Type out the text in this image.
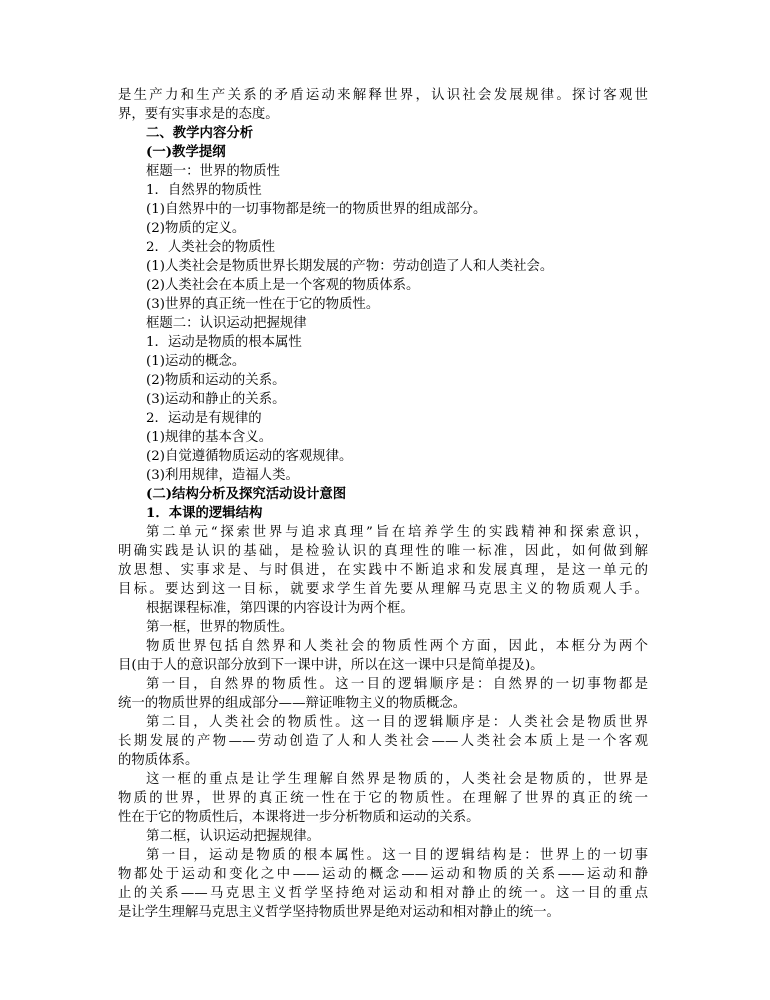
是生产力和生产关系的矛盾运动来解释世界，认识社会发展规律。探讨客观世
界，要有实事求是的态度。
二、教学内容分析
(一)教学提纲
框题一：世界的物质性
1．自然界的物质性
(1)自然界中的一切事物都是统一的物质世界的组成部分。
(2)物质的定义。
2．人类社会的物质性
(1)人类社会是物质世界长期发展的产物：劳动创造了人和人类社会。
(2)人类社会在本质上是一个客观的物质体系。
(3)世界的真正统一性在于它的物质性。
框题二：认识运动把握规律
1．运动是物质的根本属性
(1)运动的概念。
(2)物质和运动的关系。
(3)运动和静止的关系。
2．运动是有规律的
(1)规律的基本含义。
(2)自觉遵循物质运动的客观规律。
(3)利用规律，造福人类。
(二)结构分析及探究活动设计意图
1．本课的逻辑结构
第二单元“探索世界与追求真理”旨在培养学生的实践精神和探索意识，
明确实践是认识的基础，是检验认识的真理性的唯一标准，因此，如何做到解
放思想、实事求是、与时俱进，在实践中不断追求和发展真理，是这一单元的
目标。要达到这一目标，就要求学生首先要从理解马克思主义的物质观人手。
根据课程标准，第四课的内容设计为两个框。
第一框，世界的物质性。
物质世界包括自然界和人类社会的物质性两个方面，因此，本框分为两个
目(由于人的意识部分放到下一课中讲，所以在这一课中只是简单提及)。
第一目，自然界的物质性。这一目的逻辑顺序是：自然界的一切事物都是
统一的物质世界的组成部分——辩证唯物主义的物质概念。
第二目，人类社会的物质性。这一目的逻辑顺序是：人类社会是物质世界
长期发展的产物——劳动创造了人和人类社会——人类社会本质上是一个客观
的物质体系。
这一框的重点是让学生理解自然界是物质的，人类社会是物质的，世界是
物质的世界，世界的真正统一性在于它的物质性。在理解了世界的真正的统一
性在于它的物质性后，本课将进一步分析物质和运动的关系。
第二框，认识运动把握规律。
第一目，运动是物质的根本属性。这一目的逻辑结构是：世界上的一切事
物都处于运动和变化之中——运动的概念——运动和物质的关系——运动和静
止的关系——马克思主义哲学坚持绝对运动和相对静止的统一。这一目的重点
是让学生理解马克思主义哲学坚持物质世界是绝对运动和相对静止的统一。
